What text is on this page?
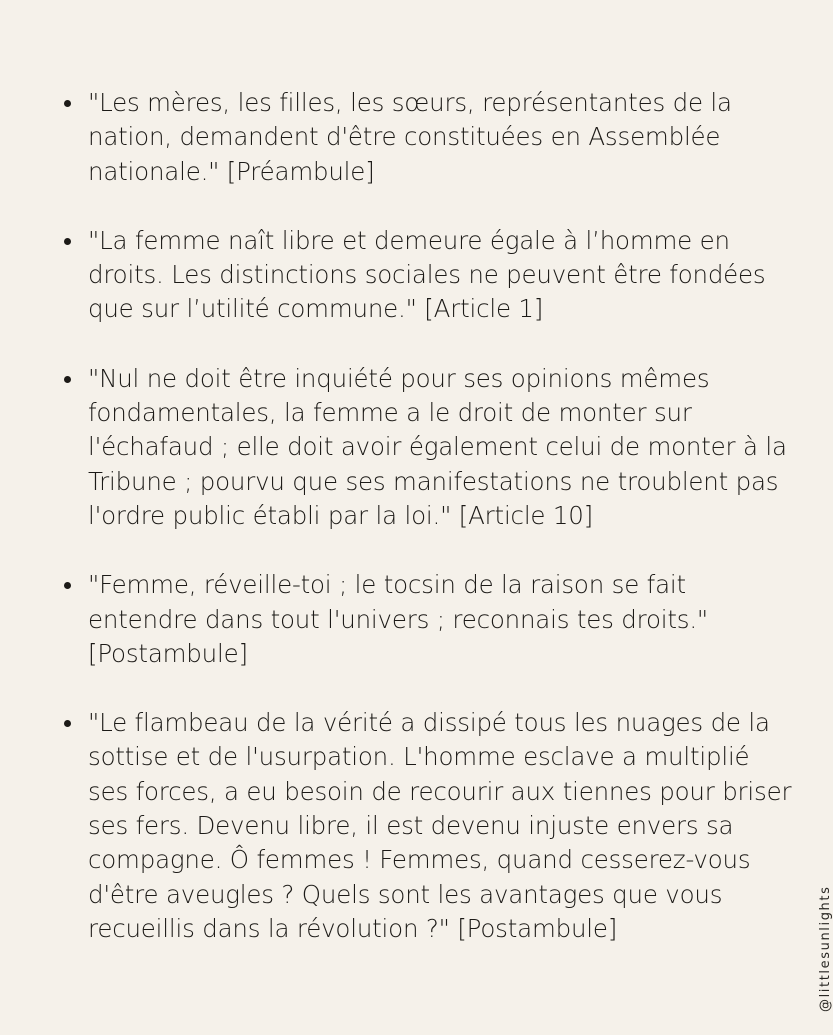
"Les mères, les filles, les sœurs, représentantes de la nation, demandent d'être constituées en Assemblée nationale." [Préambule]
"La femme naît libre et demeure égale à l’homme en droits. Les distinctions sociales ne peuvent être fondées que sur l’utilité commune." [Article 1]
"Nul ne doit être inquiété pour ses opinions mêmes fondamentales, la femme a le droit de monter sur l'échafaud ; elle doit avoir également celui de monter à la Tribune ; pourvu que ses manifestations ne troublent pas l'ordre public établi par la loi." [Article 10]
"Femme, réveille-toi ; le tocsin de la raison se fait entendre dans tout l'univers ; reconnais tes droits." [Postambule]
"Le flambeau de la vérité a dissipé tous les nuages de la sottise et de l'usurpation. L'homme esclave a multiplié ses forces, a eu besoin de recourir aux tiennes pour briser ses fers. Devenu libre, il est devenu injuste envers sa compagne. Ô femmes ! Femmes, quand cesserez-vous d'être aveugles ? Quels sont les avantages que vous recueillis dans la révolution ?" [Postambule]	@littlesunlights
